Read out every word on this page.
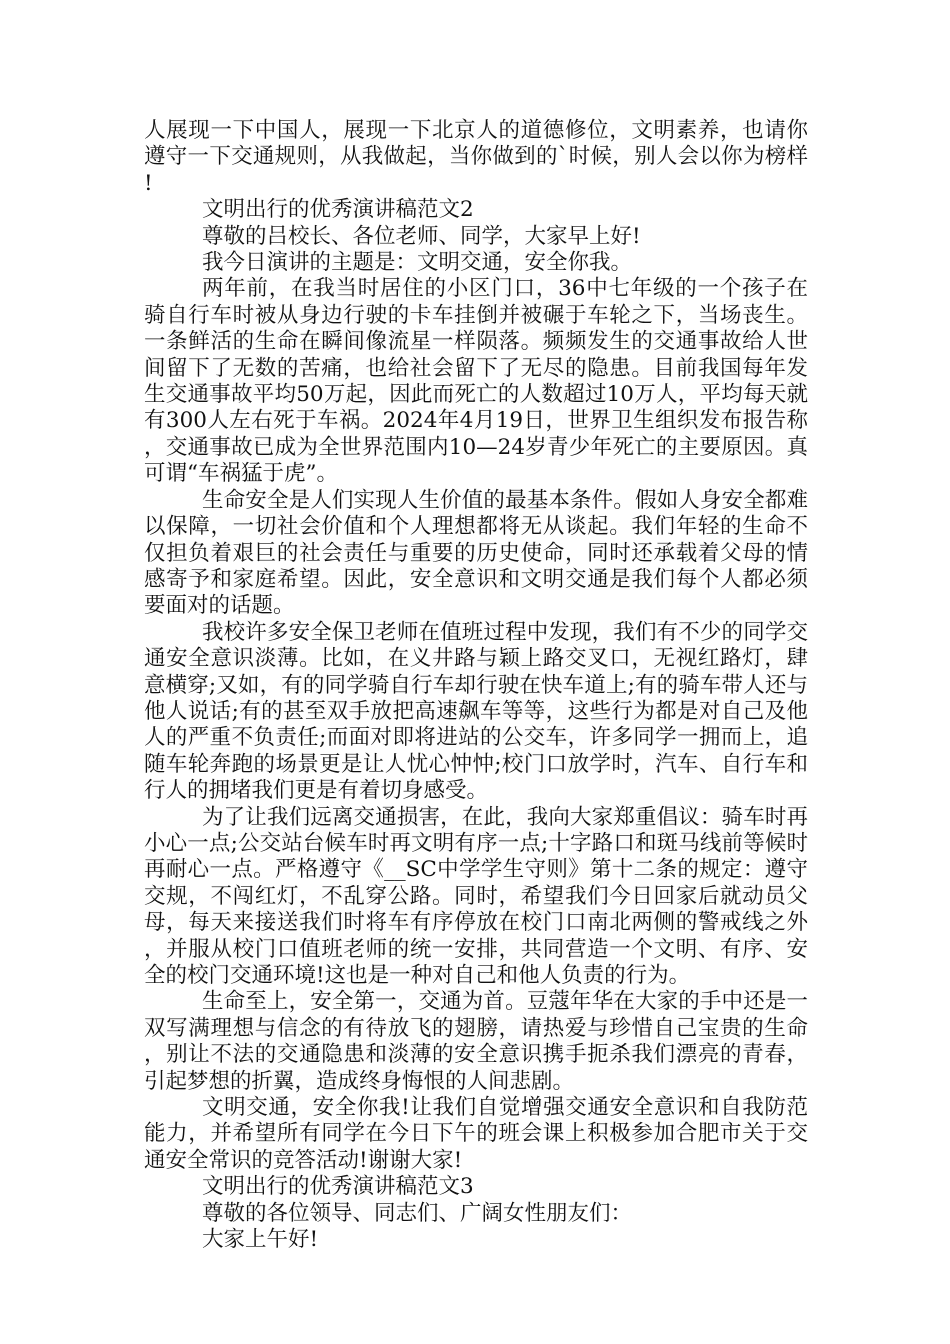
人展现一下中国人，展现一下北京人的道德修位，文明素养，也请你遵守一下交通规则，从我做起，当你做到的`时候，别人会以你为榜样!

文明出行的优秀演讲稿范文2

尊敬的吕校长、各位老师、同学，大家早上好!

我今日演讲的主题是：文明交通，安全你我。

两年前，在我当时居住的小区门口，36中七年级的一个孩子在骑自行车时被从身边行驶的卡车挂倒并被碾于车轮之下，当场丧生。一条鲜活的生命在瞬间像流星一样陨落。频频发生的交通事故给人世间留下了无数的苦痛，也给社会留下了无尽的隐患。目前我国每年发生交通事故平均50万起，因此而死亡的人数超过10万人，平均每天就有300人左右死于车祸。2024年4月19日，世界卫生组织发布报告称，交通事故已成为全世界范围内10—24岁青少年死亡的主要原因。真可谓“车祸猛于虎”。

生命安全是人们实现人生价值的最基本条件。假如人身安全都难以保障，一切社会价值和个人理想都将无从谈起。我们年轻的生命不仅担负着艰巨的社会责任与重要的历史使命，同时还承载着父母的情感寄予和家庭希望。因此，安全意识和文明交通是我们每个人都必须要面对的话题。

我校许多安全保卫老师在值班过程中发现，我们有不少的同学交通安全意识淡薄。比如，在义井路与颖上路交叉口，无视红路灯，肆意横穿;又如，有的同学骑自行车却行驶在快车道上;有的骑车带人还与他人说话;有的甚至双手放把高速飙车等等，这些行为都是对自己及他人的严重不负责任;而面对即将进站的公交车，许多同学一拥而上，追随车轮奔跑的场景更是让人忧心忡忡;校门口放学时，汽车、自行车和行人的拥堵我们更是有着切身感受。

为了让我们远离交通损害，在此，我向大家郑重倡议：骑车时再小心一点;公交站台候车时再文明有序一点;十字路口和斑马线前等候时再耐心一点。严格遵守《__SC中学学生守则》第十二条的规定：遵守交规，不闯红灯，不乱穿公路。同时，希望我们今日回家后就动员父母，每天来接送我们时将车有序停放在校门口南北两侧的警戒线之外，并服从校门口值班老师的统一安排，共同营造一个文明、有序、安全的校门交通环境!这也是一种对自己和他人负责的行为。

生命至上，安全第一，交通为首。豆蔻年华在大家的手中还是一双写满理想与信念的有待放飞的翅膀，请热爱与珍惜自己宝贵的生命，别让不法的交通隐患和淡薄的安全意识携手扼杀我们漂亮的青春，引起梦想的折翼，造成终身悔恨的人间悲剧。

文明交通，安全你我!让我们自觉增强交通安全意识和自我防范能力，并希望所有同学在今日下午的班会课上积极参加合肥市关于交通安全常识的竞答活动!谢谢大家!

文明出行的优秀演讲稿范文3

尊敬的各位领导、同志们、广阔女性朋友们：

大家上午好!
